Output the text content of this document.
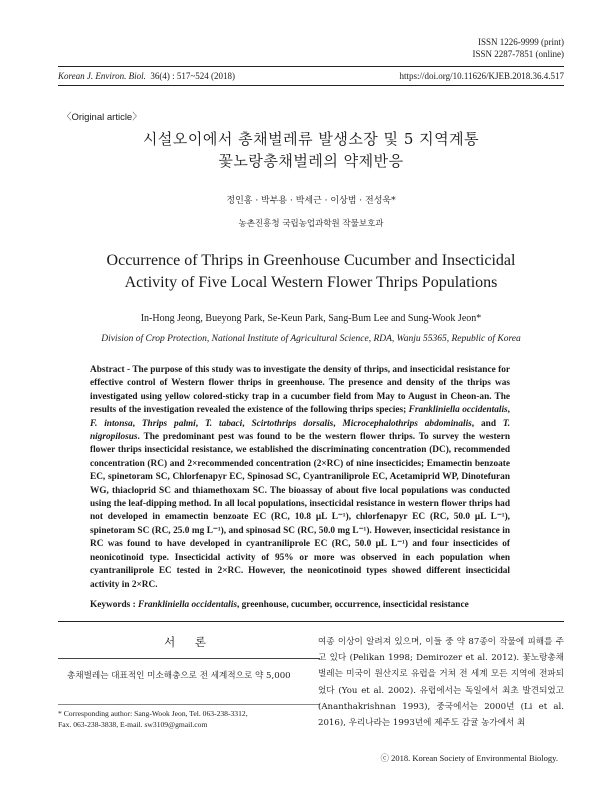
ISSN 1226-9999 (print)
ISSN 2287-7851 (online)
Korean J. Environ. Biol. 36(4) : 517~524 (2018)	https://doi.org/10.11626/KJEB.2018.36.4.517
〈Original article〉
시설오이에서 총채벌레류 발생소장 및 5 지역계통
꽃노랑총채벌레의 약제반응
정인홍 · 박부용 · 박세근 · 이상범 · 전성욱*
농촌진흥청 국립농업과학원 작물보호과
Occurrence of Thrips in Greenhouse Cucumber and Insecticidal
Activity of Five Local Western Flower Thrips Populations
In-Hong Jeong, Bueyong Park, Se-Keun Park, Sang-Bum Lee and Sung-Wook Jeon*
Division of Crop Protection, National Institute of Agricultural Science, RDA, Wanju 55365, Republic of Korea
Abstract - The purpose of this study was to investigate the density of thrips, and insecticidal resistance for effective control of Western flower thrips in greenhouse. The presence and density of the thrips was investigated using yellow colored-sticky trap in a cucumber field from May to August in Cheon-an. The results of the investigation revealed the existence of the following thrips species; Frankliniella occidentalis, F. intonsa, Thrips palmi, T. tabaci, Scirtothrips dorsalis, Microcephalothrips abdominalis, and T. nigropilosus. The predominant pest was found to be the western flower thrips. To survey the western flower thrips insecticidal resistance, we established the discriminating concentration (DC), recommended concentration (RC) and 2×recommended concentration (2×RC) of nine insecticides; Emamectin benzoate EC, spinetoram SC, Chlorfenapyr EC, Spinosad SC, Cyantraniliprole EC, Acetamiprid WP, Dinotefuran WG, thiacloprid SC and thiamethoxam SC. The bioassay of about five local populations was conducted using the leaf-dipping method. In all local populations, insecticidal resistance in western flower thrips had not developed in emamectin benzoate EC (RC, 10.8 μL L⁻¹), chlorfenapyr EC (RC, 50.0 μL L⁻¹), spinetoram SC (RC, 25.0 mg L⁻¹), and spinosad SC (RC, 50.0 mg L⁻¹). However, insecticidal resistance in RC was found to have developed in cyantraniliprole EC (RC, 50.0 μL L⁻¹) and four insecticides of neonicotinoid type. Insecticidal activity of 95% or more was observed in each population when cyantraniliprole EC tested in 2×RC. However, the neonicotinoid types showed different insecticidal activity in 2×RC.
Keywords : Frankliniella occidentalis, greenhouse, cucumber, occurrence, insecticidal resistance
서 론
총채벌레는 대표적인 미소해충으로 전 세계적으로 약 5,000
* Corresponding author: Sang-Wook Jeon, Tel. 063-238-3312,
Fax. 063-238-3838, E-mail. sw3109@gmail.com
여종 이상이 알려져 있으며, 이들 중 약 87종이 작물에 피해를 주고 있다 (Pelikan 1998; Demirozer et al. 2012). 꽃노랑총채벌레는 미국이 원산지로 유럽을 거쳐 전 세계 모든 지역에 전파되었다 (You et al. 2002). 유럽에서는 독일에서 최초 발견되었고 (Ananthakrishnan 1993), 중국에서는 2000년 (Li et al. 2016), 우리나라는 1993년에 제주도 감귤 농가에서 최
ⓒ 2018. Korean Society of Environmental Biology.
